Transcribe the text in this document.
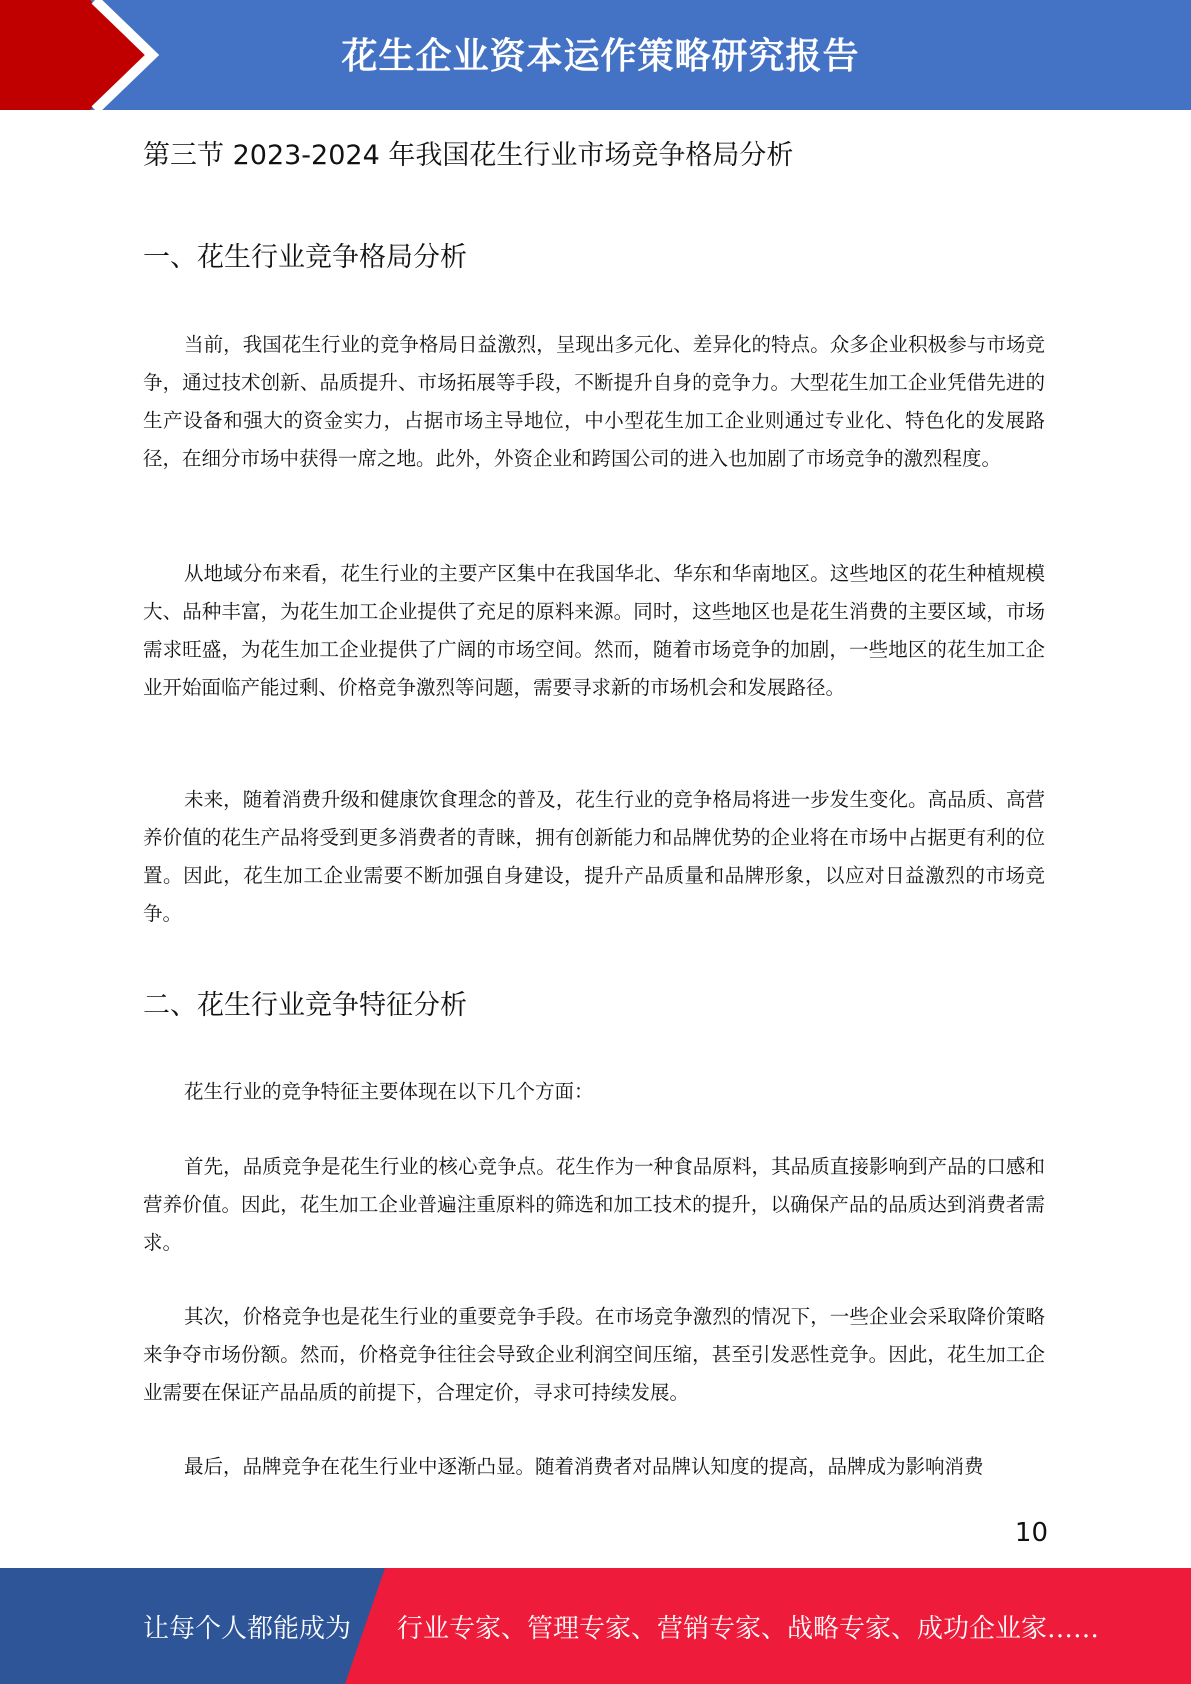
花生企业资本运作策略研究报告
第三节 2023-2024 年我国花生行业市场竞争格局分析
一、花生行业竞争格局分析
当前，我国花生行业的竞争格局日益激烈，呈现出多元化、差异化的特点。众多企业积极参与市场竞争，通过技术创新、品质提升、市场拓展等手段，不断提升自身的竞争力。大型花生加工企业凭借先进的生产设备和强大的资金实力，占据市场主导地位，中小型花生加工企业则通过专业化、特色化的发展路径，在细分市场中获得一席之地。此外，外资企业和跨国公司的进入也加剧了市场竞争的激烈程度。
从地域分布来看，花生行业的主要产区集中在我国华北、华东和华南地区。这些地区的花生种植规模大、品种丰富，为花生加工企业提供了充足的原料来源。同时，这些地区也是花生消费的主要区域，市场需求旺盛，为花生加工企业提供了广阔的市场空间。然而，随着市场竞争的加剧，一些地区的花生加工企业开始面临产能过剩、价格竞争激烈等问题，需要寻求新的市场机会和发展路径。
未来，随着消费升级和健康饮食理念的普及，花生行业的竞争格局将进一步发生变化。高品质、高营养价值的花生产品将受到更多消费者的青睐，拥有创新能力和品牌优势的企业将在市场中占据更有利的位置。因此，花生加工企业需要不断加强自身建设，提升产品质量和品牌形象，以应对日益激烈的市场竞争。
二、花生行业竞争特征分析
花生行业的竞争特征主要体现在以下几个方面：
首先，品质竞争是花生行业的核心竞争点。花生作为一种食品原料，其品质直接影响到产品的口感和营养价值。因此，花生加工企业普遍注重原料的筛选和加工技术的提升，以确保产品的品质达到消费者需求。
其次，价格竞争也是花生行业的重要竞争手段。在市场竞争激烈的情况下，一些企业会采取降价策略来争夺市场份额。然而，价格竞争往往会导致企业利润空间压缩，甚至引发恶性竞争。因此，花生加工企业需要在保证产品品质的前提下，合理定价，寻求可持续发展。
最后，品牌竞争在花生行业中逐渐凸显。随着消费者对品牌认知度的提高，品牌成为影响消费
10
让每个人都能成为 行业专家、管理专家、营销专家、战略专家、成功企业家……
